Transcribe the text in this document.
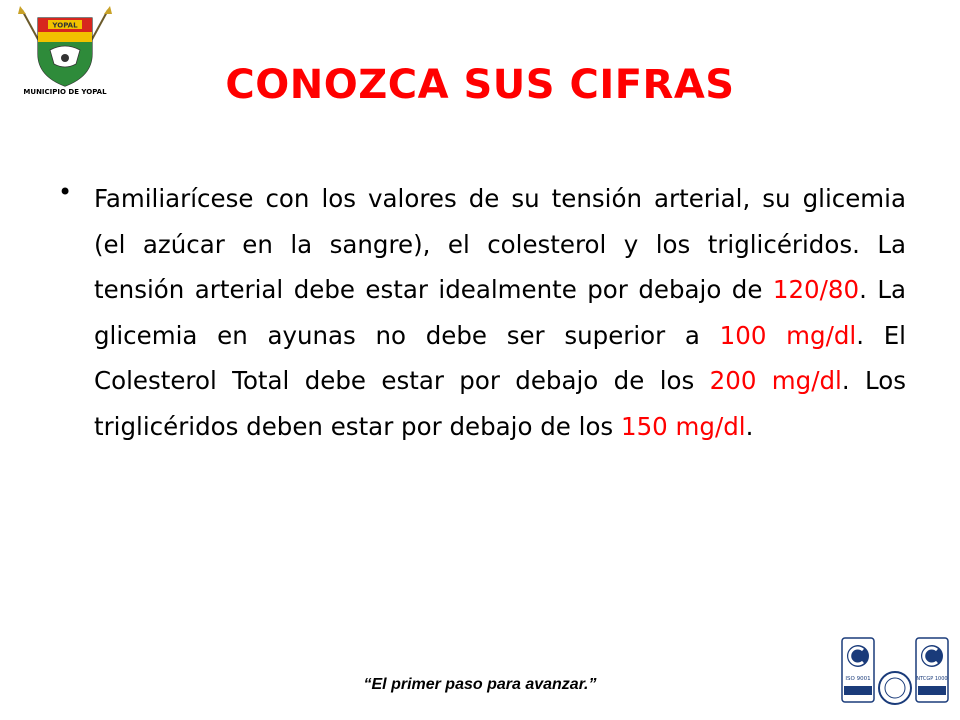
YOPAL
MUNICIPIO DE YOPAL	CONOZCA SUS CIFRAS
• Familiarícese con los valores de su tensión arterial, su glicemia (el azúcar en la sangre), el colesterol y los triglicéridos. La tensión arterial debe estar idealmente por debajo de 120/80. La glicemia en ayunas no debe ser superior a 100 mg/dl. El Colesterol Total debe estar por debajo de los 200 mg/dl. Los triglicéridos deben estar por debajo de los 150 mg/dl.

“El primer paso para avanzar.”	ISO 9001	NTCGP 1000
